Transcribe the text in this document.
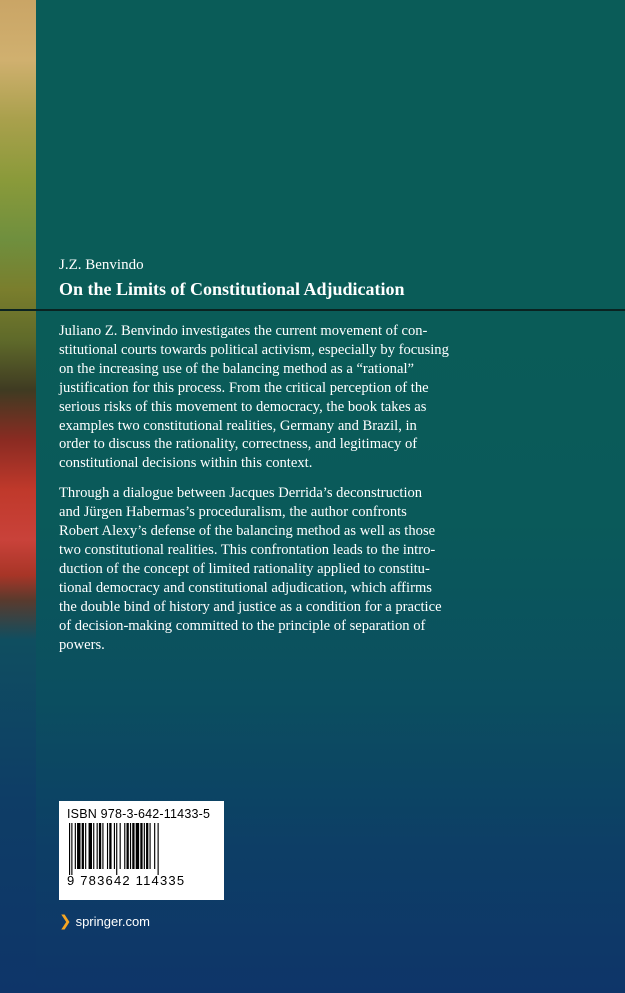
J.Z. Benvindo
On the Limits of Constitutional Adjudication

Juliano Z. Benvindo investigates the current movement of con-
stitutional courts towards political activism, especially by focusing
on the increasing use of the balancing method as a “rational”
justification for this process. From the critical perception of the
serious risks of this movement to democracy, the book takes as
examples two constitutional realities, Germany and Brazil, in
order to discuss the rationality, correctness, and legitimacy of
constitutional decisions within this context.

Through a dialogue between Jacques Derrida’s deconstruction
and Jürgen Habermas’s proceduralism, the author confronts
Robert Alexy’s defense of the balancing method as well as those
two constitutional realities. This confrontation leads to the intro-
duction of the concept of limited rationality applied to constitu-
tional democracy and constitutional adjudication, which affirms
the double bind of history and justice as a condition for a practice
of decision-making committed to the principle of separation of
powers.

ISBN 978-3-642-11433-5
9 783642 114335
❯ springer.com
